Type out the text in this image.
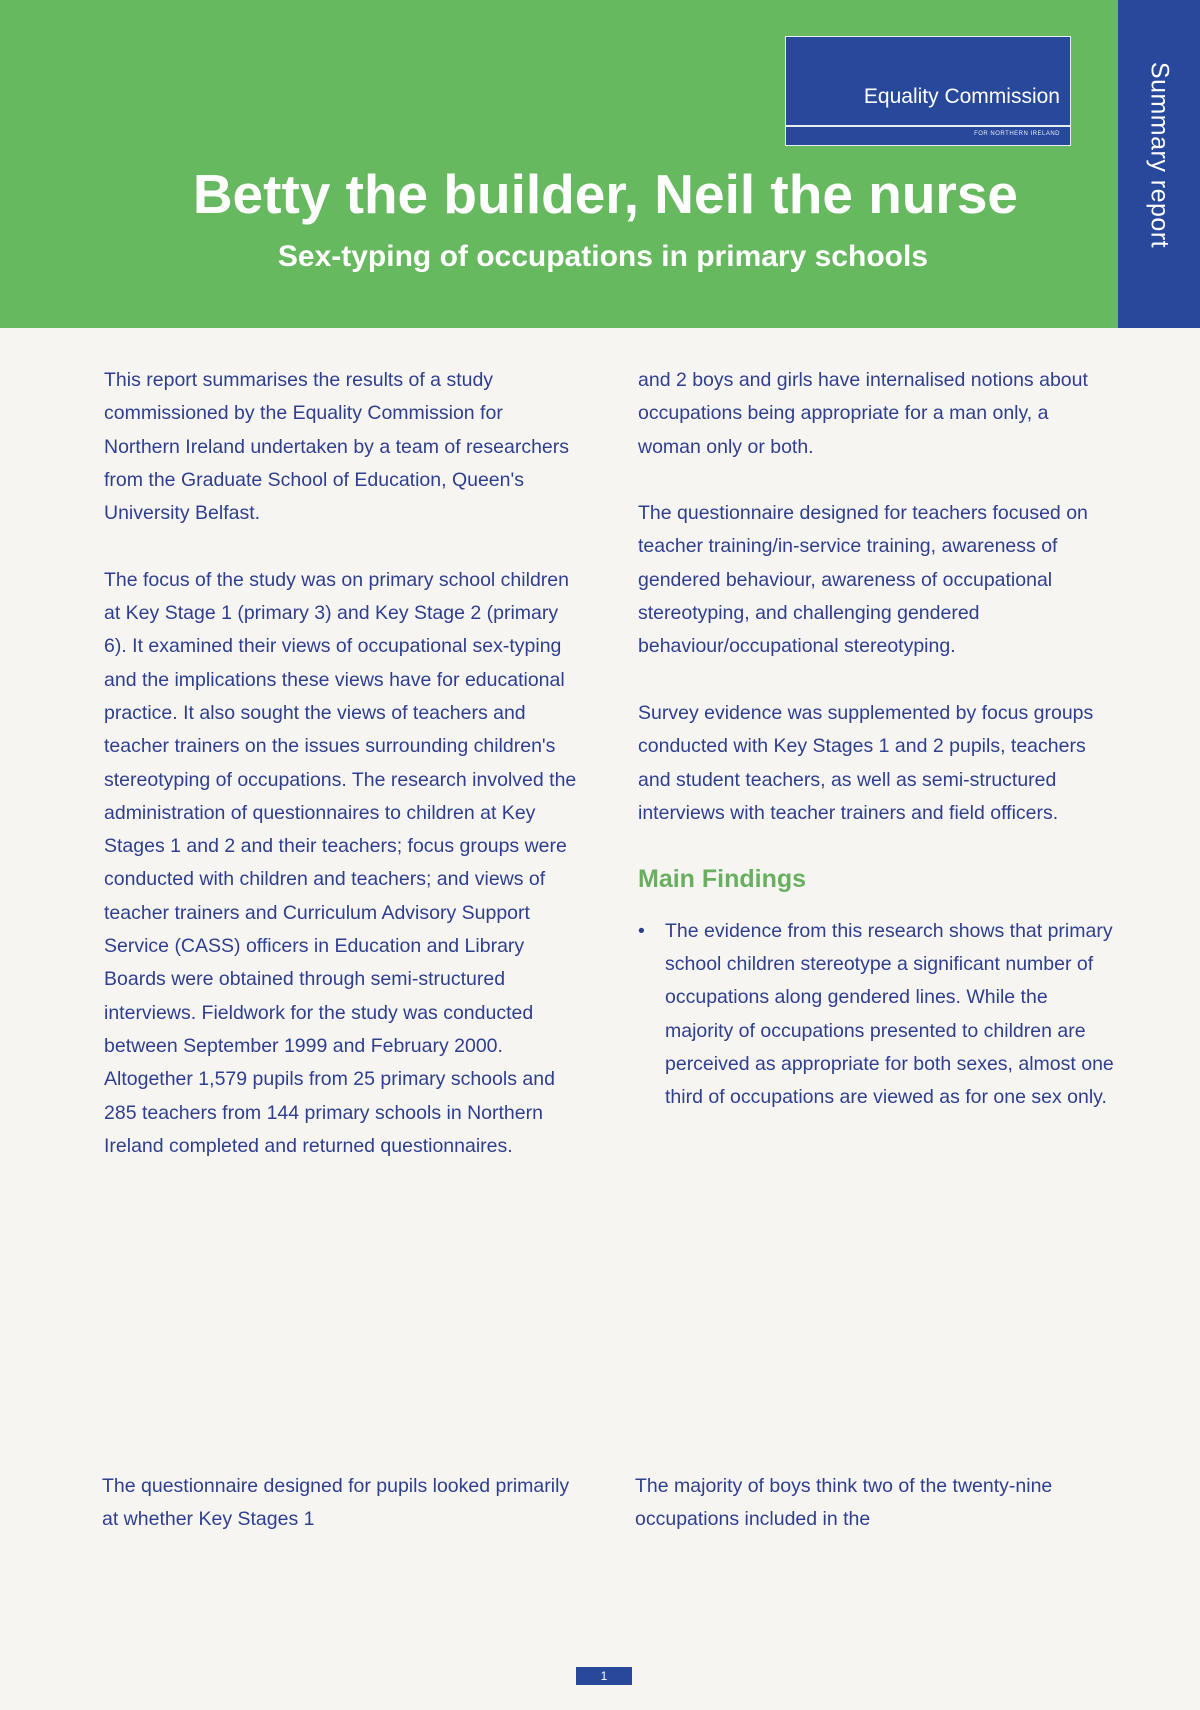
Equality Commission
FOR NORTHERN IRELAND
Betty the builder, Neil the nurse
Sex-typing of occupations in primary schools
Summary report

This report summarises the results of a study commissioned by the Equality Commission for Northern Ireland undertaken by a team of researchers from the Graduate School of Education, Queen's University Belfast.

The focus of the study was on primary school children at Key Stage 1 (primary 3) and Key Stage 2 (primary 6). It examined their views of occupational sex-typing and the implications these views have for educational practice. It also sought the views of teachers and teacher trainers on the issues surrounding children's stereotyping of occupations. The research involved the administration of questionnaires to children at Key Stages 1 and 2 and their teachers; focus groups were conducted with children and teachers; and views of teacher trainers and Curriculum Advisory Support Service (CASS) officers in Education and Library Boards were obtained through semi-structured interviews. Fieldwork for the study was conducted between September 1999 and February 2000. Altogether 1,579 pupils from 25 primary schools and 285 teachers from 144 primary schools in Northern Ireland completed and returned questionnaires.

The questionnaire designed for pupils looked primarily at whether Key Stages 1

and 2 boys and girls have internalised notions about occupations being appropriate for a man only, a woman only or both.

The questionnaire designed for teachers focused on teacher training/in-service training, awareness of gendered behaviour, awareness of occupational stereotyping, and challenging gendered behaviour/occupational stereotyping.

Survey evidence was supplemented by focus groups conducted with Key Stages 1 and 2 pupils, teachers and student teachers, as well as semi-structured interviews with teacher trainers and field officers.

Main Findings
• The evidence from this research shows that primary school children stereotype a significant number of occupations along gendered lines. While the majority of occupations presented to children are perceived as appropriate for both sexes, almost one third of occupations are viewed as for one sex only.
The majority of boys think two of the twenty-nine occupations included in the
1
